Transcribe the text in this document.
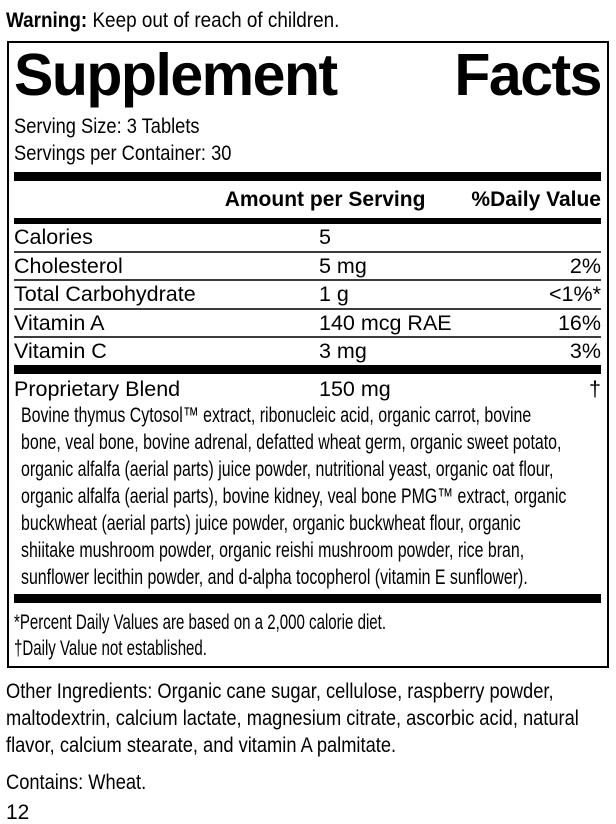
Warning: Keep out of reach of children.

Supplement Facts
Serving Size: 3 Tablets
Servings per Container: 30
Amount per Serving %Daily Value
Calories	5
Cholesterol	5 mg	2%
Total Carbohydrate	1 g	<1%*
Vitamin A	140 mcg RAE	16%
Vitamin C	3 mg	3%
Proprietary Blend	150 mg	†
Bovine thymus Cytosol™ extract, ribonucleic acid, organic carrot, bovine
bone, veal bone, bovine adrenal, defatted wheat germ, organic sweet potato,
organic alfalfa (aerial parts) juice powder, nutritional yeast, organic oat flour,
organic alfalfa (aerial parts), bovine kidney, veal bone PMG™ extract, organic
buckwheat (aerial parts) juice powder, organic buckwheat flour, organic
shiitake mushroom powder, organic reishi mushroom powder, rice bran,
sunflower lecithin powder, and d-alpha tocopherol (vitamin E sunflower).
*Percent Daily Values are based on a 2,000 calorie diet.
†Daily Value not established.
Other Ingredients: Organic cane sugar, cellulose, raspberry powder,
maltodextrin, calcium lactate, magnesium citrate, ascorbic acid, natural
flavor, calcium stearate, and vitamin A palmitate.

Contains: Wheat.

12
